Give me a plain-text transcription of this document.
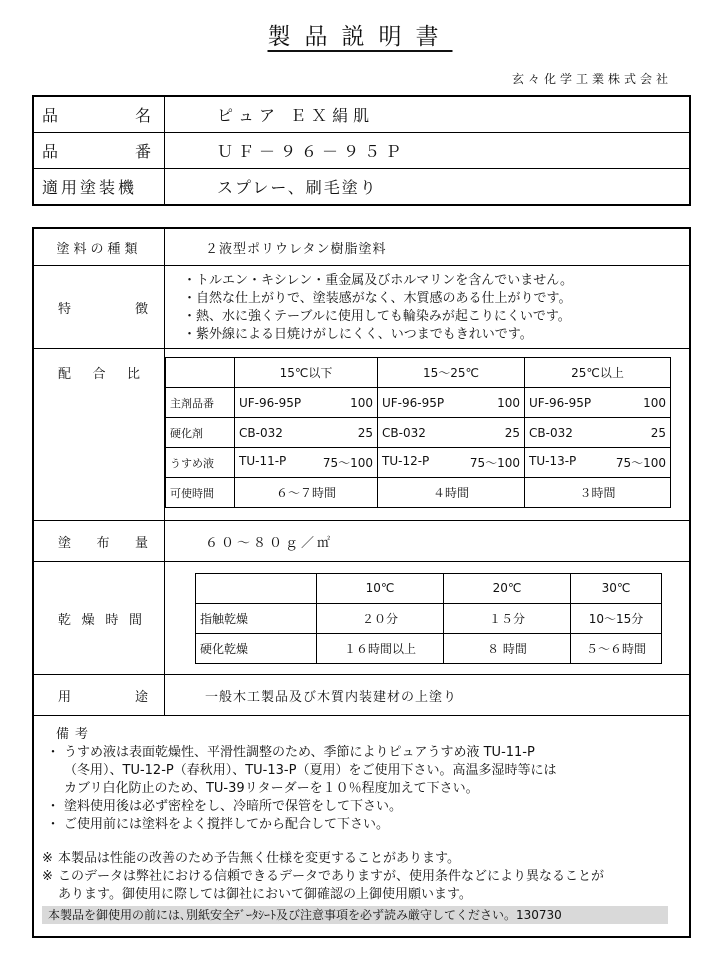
製品説明書
玄々化学工業株式会社
品 名	ピュア ＥＸ絹肌

品 番	ＵＦ－９６－９５Ｐ
適用塗装機	スプレー、刷毛塗り
塗料の種類	２液型ポリウレタン樹脂塗料

特	徴

・トルエン・キシレン・重金属及びホルマリンを含んでいません。
・自然な仕上がりで、塗装感がなく、木質感のある仕上がりです。
・熱、水に強くテーブルに使用しても輪染みが起こりにくいです。
・紫外線による日焼けがしにくく、いつまでもきれいです。

配 合 比

		15℃以下	15～25℃	25℃以上
主剤品番	UF-96-95P	100	UF-96-95P	100	UF-96-95P	100

硬化剤	CB-032	25	CB-032	25	CB-032	25

うすめ液	TU-11-P	75～100	TU-12-P	75～100	TU-13-P	75～100

可使時間	６～７時間	４時間	３時間

塗 布 量	６０～８０ｇ／㎡

乾 燥 時 間

	10℃	20℃	30℃
指触乾燥	２０分	１５分	10～15分
硬化乾燥	１６時間以上	８ 時間	５～６時間

用	途	一般木工製品及び木質内装建材の上塗り

備考
・ うすめ液は表面乾燥性、平滑性調整のため、季節によりピュアうすめ液 TU-11-P
（冬用）、TU-12-P（春秋用）、TU-13-P（夏用）をご使用下さい。高温多湿時等には
カブリ白化防止のため、TU-39リターダーを１０％程度加えて下さい。
・ 塗料使用後は必ず密栓をし、冷暗所で保管をして下さい。
・ ご使用前には塗料をよく撹拌してから配合して下さい。
※ 本製品は性能の改善のため予告無く仕様を変更することがあります。
※ このデータは弊社における信頼できるデータでありますが、使用条件などにより異なることが
あります。御使用に際しては御社において御確認の上御使用願います。
本製品を御使用の前には､別紙安全ﾃﾞｰﾀｼｰﾄ及び注意事項を必ず読み厳守してください。130730
